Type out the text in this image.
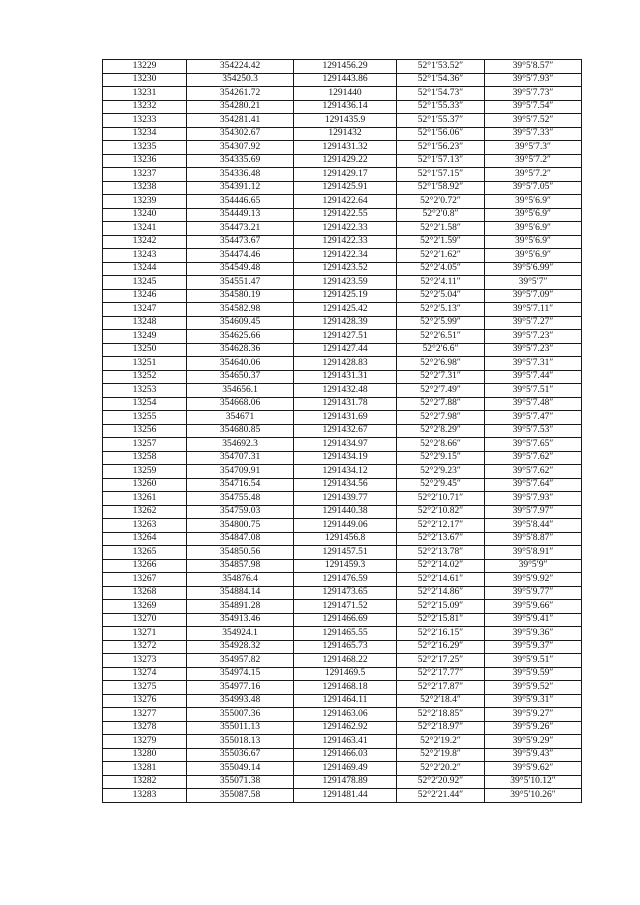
13229	354224.42	1291456.29	52°1′53.52″	39°5′8.57″
13230	354250.3	1291443.86	52°1′54.36″	39°5′7.93″
13231	354261.72	1291440	52°1′54.73″	39°5′7.73″
13232	354280.21	1291436.14	52°1′55.33″	39°5′7.54″
13233	354281.41	1291435.9	52°1′55.37″	39°5′7.52″
13234	354302.67	1291432	52°1′56.06″	39°5′7.33″
13235	354307.92	1291431.32	52°1′56.23″	39°5′7.3″
13236	354335.69	1291429.22	52°1′57.13″	39°5′7.2″
13237	354336.48	1291429.17	52°1′57.15″	39°5′7.2″
13238	354391.12	1291425.91	52°1′58.92″	39°5′7.05″
13239	354446.65	1291422.64	52°2′0.72″	39°5′6.9″
13240	354449.13	1291422.55	52°2′0.8″	39°5′6.9″
13241	354473.21	1291422.33	52°2′1.58″	39°5′6.9″
13242	354473.67	1291422.33	52°2′1.59″	39°5′6.9″
13243	354474.46	1291422.34	52°2′1.62″	39°5′6.9″
13244	354549.48	1291423.52	52°2′4.05″	39°5′6.99″
13245	354551.47	1291423.59	52°2′4.11″	39°5′7″
13246	354580.19	1291425.19	52°2′5.04″	39°5′7.09″
13247	354582.98	1291425.42	52°2′5.13″	39°5′7.11″
13248	354609.45	1291428.39	52°2′5.99″	39°5′7.27″
13249	354625.66	1291427.51	52°2′6.51″	39°5′7.23″
13250	354628.36	1291427.44	52°2′6.6″	39°5′7.23″
13251	354640.06	1291428.83	52°2′6.98″	39°5′7.31″
13252	354650.37	1291431.31	52°2′7.31″	39°5′7.44″
13253	354656.1	1291432.48	52°2′7.49″	39°5′7.51″
13254	354668.06	1291431.78	52°2′7.88″	39°5′7.48″
13255	354671	1291431.69	52°2′7.98″	39°5′7.47″
13256	354680.85	1291432.67	52°2′8.29″	39°5′7.53″
13257	354692.3	1291434.97	52°2′8.66″	39°5′7.65″
13258	354707.31	1291434.19	52°2′9.15″	39°5′7.62″
13259	354709.91	1291434.12	52°2′9.23″	39°5′7.62″
13260	354716.54	1291434.56	52°2′9.45″	39°5′7.64″
13261	354755.48	1291439.77	52°2′10.71″	39°5′7.93″
13262	354759.03	1291440.38	52°2′10.82″	39°5′7.97″
13263	354800.75	1291449.06	52°2′12.17″	39°5′8.44″
13264	354847.08	1291456.8	52°2′13.67″	39°5′8.87″
13265	354850.56	1291457.51	52°2′13.78″	39°5′8.91″
13266	354857.98	1291459.3	52°2′14.02″	39°5′9″
13267	354876.4	1291476.59	52°2′14.61″	39°5′9.92″
13268	354884.14	1291473.65	52°2′14.86″	39°5′9.77″
13269	354891.28	1291471.52	52°2′15.09″	39°5′9.66″
13270	354913.46	1291466.69	52°2′15.81″	39°5′9.41″
13271	354924.1	1291465.55	52°2′16.15″	39°5′9.36″
13272	354928.32	1291465.73	52°2′16.29″	39°5′9.37″
13273	354957.82	1291468.22	52°2′17.25″	39°5′9.51″
13274	354974.15	1291469.5	52°2′17.77″	39°5′9.59″
13275	354977.16	1291468.18	52°2′17.87″	39°5′9.52″
13276	354993.48	1291464.11	52°2′18.4″	39°5′9.31″
13277	355007.36	1291463.06	52°2′18.85″	39°5′9.27″
13278	355011.13	1291462.92	52°2′18.97″	39°5′9.26″
13279	355018.13	1291463.41	52°2′19.2″	39°5′9.29″
13280	355036.67	1291466.03	52°2′19.8″	39°5′9.43″
13281	355049.14	1291469.49	52°2′20.2″	39°5′9.62″
13282	355071.38	1291478.89	52°2′20.92″	39°5′10.12″
13283	355087.58	1291481.44	52°2′21.44″	39°5′10.26″
